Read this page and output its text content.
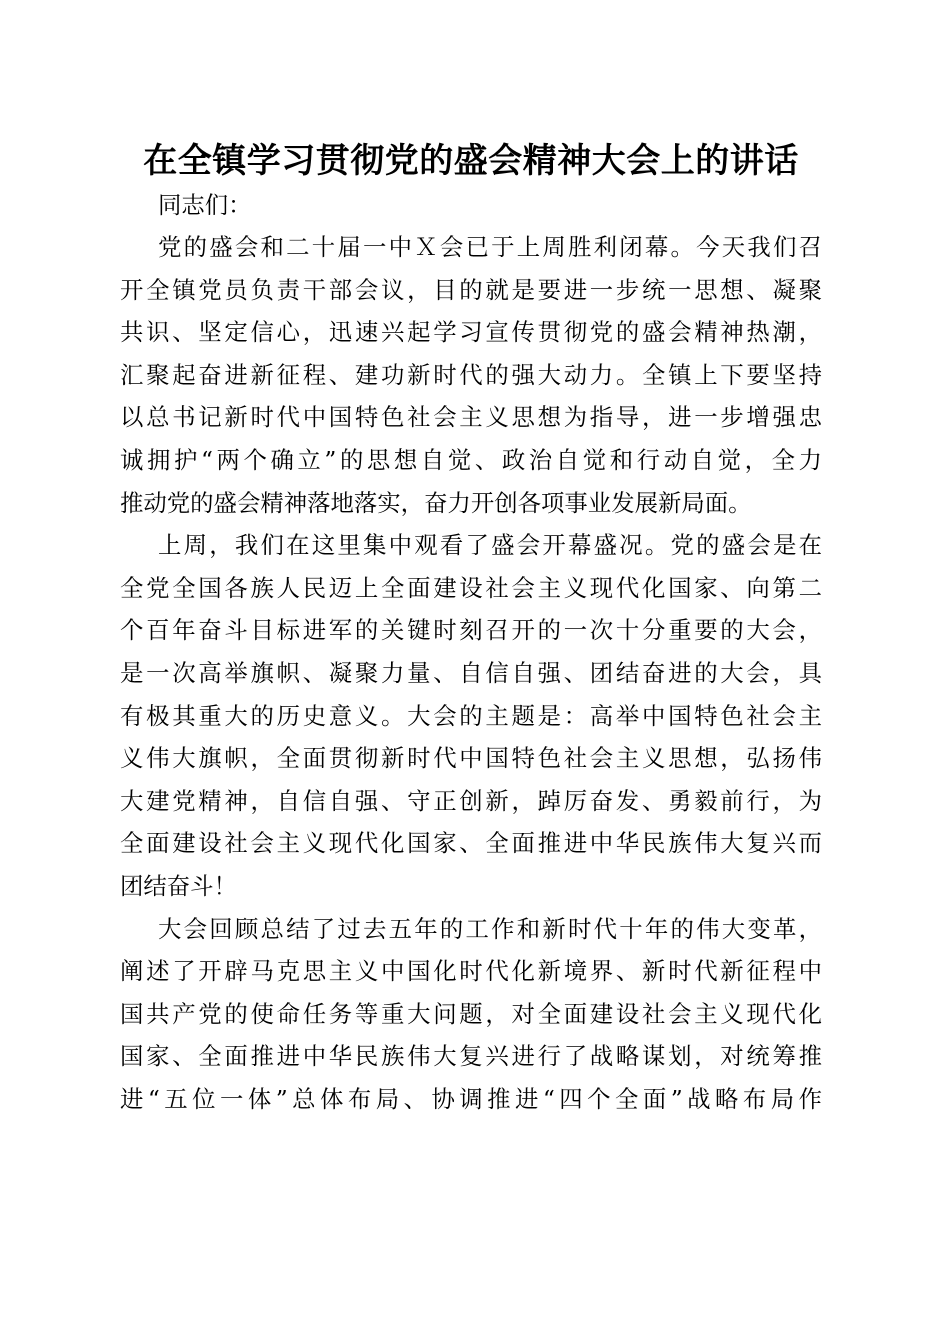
在全镇学习贯彻党的盛会精神大会上的讲话

同志们：

党的盛会和二十届一中Ｘ会已于上周胜利闭幕。今天我们召
开全镇党员负责干部会议，目的就是要进一步统一思想、凝聚
共识、坚定信心，迅速兴起学习宣传贯彻党的盛会精神热潮，
汇聚起奋进新征程、建功新时代的强大动力。全镇上下要坚持
以总书记新时代中国特色社会主义思想为指导，进一步增强忠
诚拥护“两个确立”的思想自觉、政治自觉和行动自觉，全力
推动党的盛会精神落地落实，奋力开创各项事业发展新局面。
上周，我们在这里集中观看了盛会开幕盛况。党的盛会是在
全党全国各族人民迈上全面建设社会主义现代化国家、向第二
个百年奋斗目标进军的关键时刻召开的一次十分重要的大会，
是一次高举旗帜、凝聚力量、自信自强、团结奋进的大会，具
有极其重大的历史意义。大会的主题是：高举中国特色社会主
义伟大旗帜，全面贯彻新时代中国特色社会主义思想，弘扬伟
大建党精神，自信自强、守正创新，踔厉奋发、勇毅前行，为
全面建设社会主义现代化国家、全面推进中华民族伟大复兴而
团结奋斗！
大会回顾总结了过去五年的工作和新时代十年的伟大变革，
阐述了开辟马克思主义中国化时代化新境界、新时代新征程中
国共产党的使命任务等重大问题，对全面建设社会主义现代化
国家、全面推进中华民族伟大复兴进行了战略谋划，对统筹推
进“五位一体”总体布局、协调推进“四个全面”战略布局作
